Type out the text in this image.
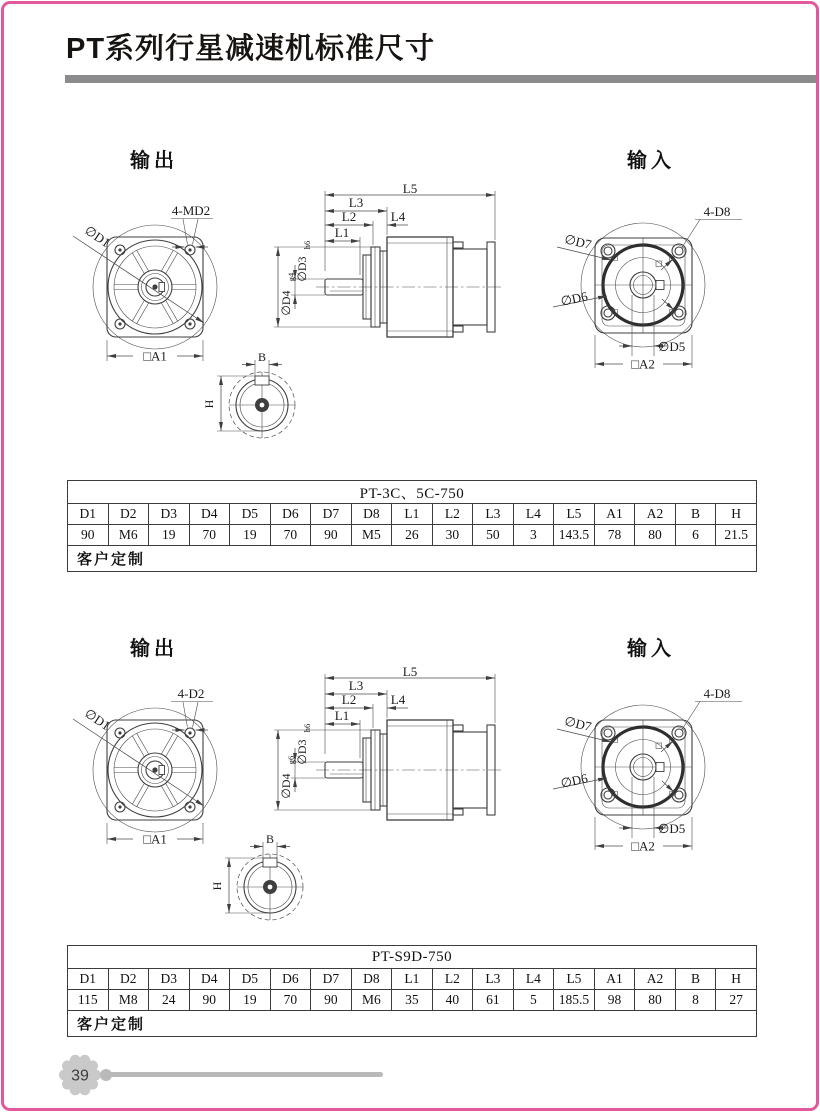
PT系列行星减速机标准尺寸
输出	输入
∅D1
4-MD2
□A1
L5
L3
L2	L4
L1
∅D4
g4 ∅D3
h6	∅D7
∅D6
4-D8
∅D5
□A2
B
H
PT-3C、5C-750																
D1	D2	D3	D4	D5	D6	D7	D8	L1	L2	L3	L4	L5	A1	A2	B	H
90	M6	19	70	19	70	90	M5	26	30	50	3	143.5	78	80	6	21.5
客户定制																
输出	输入
∅D1
4-D2
□A1
L5
L3
L2	L4
L1
∅D4
g6 ∅D3
h6	∅D7
∅D6
4-D8
∅D5
□A2
B
H
PT-S9D-750																
D1	D2	D3	D4	D5	D6	D7	D8	L1	L2	L3	L4	L5	A1	A2	B	H
115	M8	24	90	19	70	90	M6	35	40	61	5	185.5	98	80	8	27
客户定制																
39
